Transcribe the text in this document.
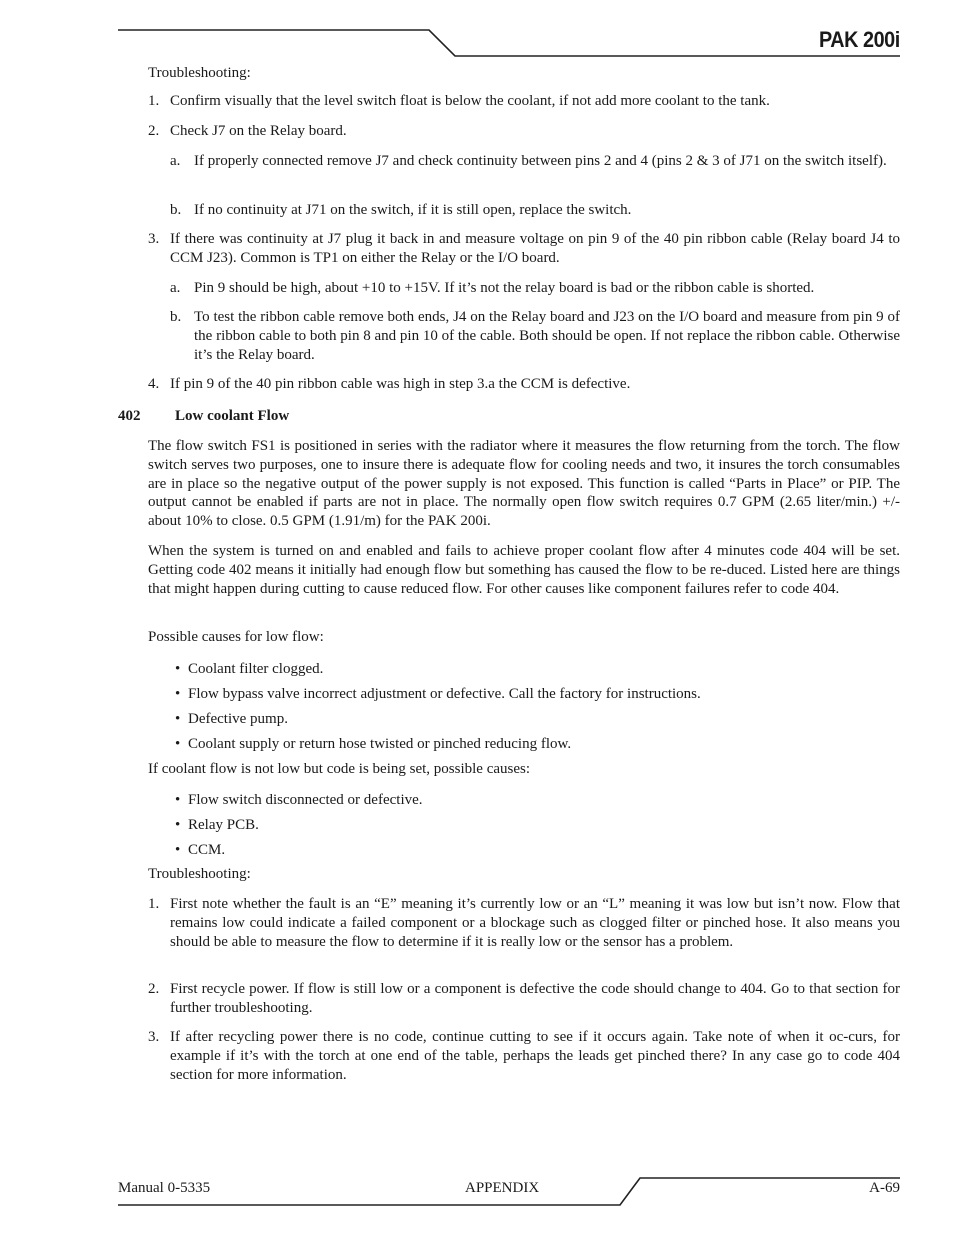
PAK 200i
Troubleshooting:
1. Confirm visually that the level switch float is below the coolant, if not add more coolant to the tank.
2. Check J7 on the Relay board.
a. If properly connected remove J7 and check continuity between pins 2 and 4 (pins 2 & 3 of J71 on the switch itself).
b. If no continuity at J71 on the switch, if it is still open, replace the switch.
3. If there was continuity at J7 plug it back in and measure voltage on pin 9 of the 40 pin ribbon cable (Relay board J4 to CCM J23). Common is TP1 on either the Relay or the I/O board.
a. Pin 9 should be high, about +10 to +15V. If it’s not the relay board is bad or the ribbon cable is shorted.
b. To test the ribbon cable remove both ends, J4 on the Relay board and J23 on the I/O board and measure from pin 9 of the ribbon cable to both pin 8 and pin 10 of the cable. Both should be open. If not replace the ribbon cable. Otherwise it’s the Relay board.
4. If pin 9 of the 40 pin ribbon cable was high in step 3.a the CCM is defective.
402 Low coolant Flow
The flow switch FS1 is positioned in series with the radiator where it measures the flow returning from the torch. The flow switch serves two purposes, one to insure there is adequate flow for cooling needs and two, it insures the torch consumables are in place so the negative output of the power supply is not exposed. This function is called “Parts in Place” or PIP. The output cannot be enabled if parts are not in place. The normally open flow switch requires 0.7 GPM (2.65 liter/min.) +/- about 10% to close. 0.5 GPM (1.91/m) for the PAK 200i.
When the system is turned on and enabled and fails to achieve proper coolant flow after 4 minutes code 404 will be set. Getting code 402 means it initially had enough flow but something has caused the flow to be re-duced. Listed here are things that might happen during cutting to cause reduced flow. For other causes like component failures refer to code 404.
Possible causes for low flow:
• Coolant filter clogged.
• Flow bypass valve incorrect adjustment or defective. Call the factory for instructions.
• Defective pump.
• Coolant supply or return hose twisted or pinched reducing flow.
If coolant flow is not low but code is being set, possible causes:
• Flow switch disconnected or defective.
• Relay PCB.
• CCM.
Troubleshooting:
1. First note whether the fault is an “E” meaning it’s currently low or an “L” meaning it was low but isn’t now. Flow that remains low could indicate a failed component or a blockage such as clogged filter or pinched hose. It also means you should be able to measure the flow to determine if it is really low or the sensor has a problem.
2. First recycle power. If flow is still low or a component is defective the code should change to 404. Go to that section for further troubleshooting.
3. If after recycling power there is no code, continue cutting to see if it occurs again. Take note of when it oc-curs, for example if it’s with the torch at one end of the table, perhaps the leads get pinched there? In any case go to code 404 section for more information.
Manual 0-5335	APPENDIX	A-69
